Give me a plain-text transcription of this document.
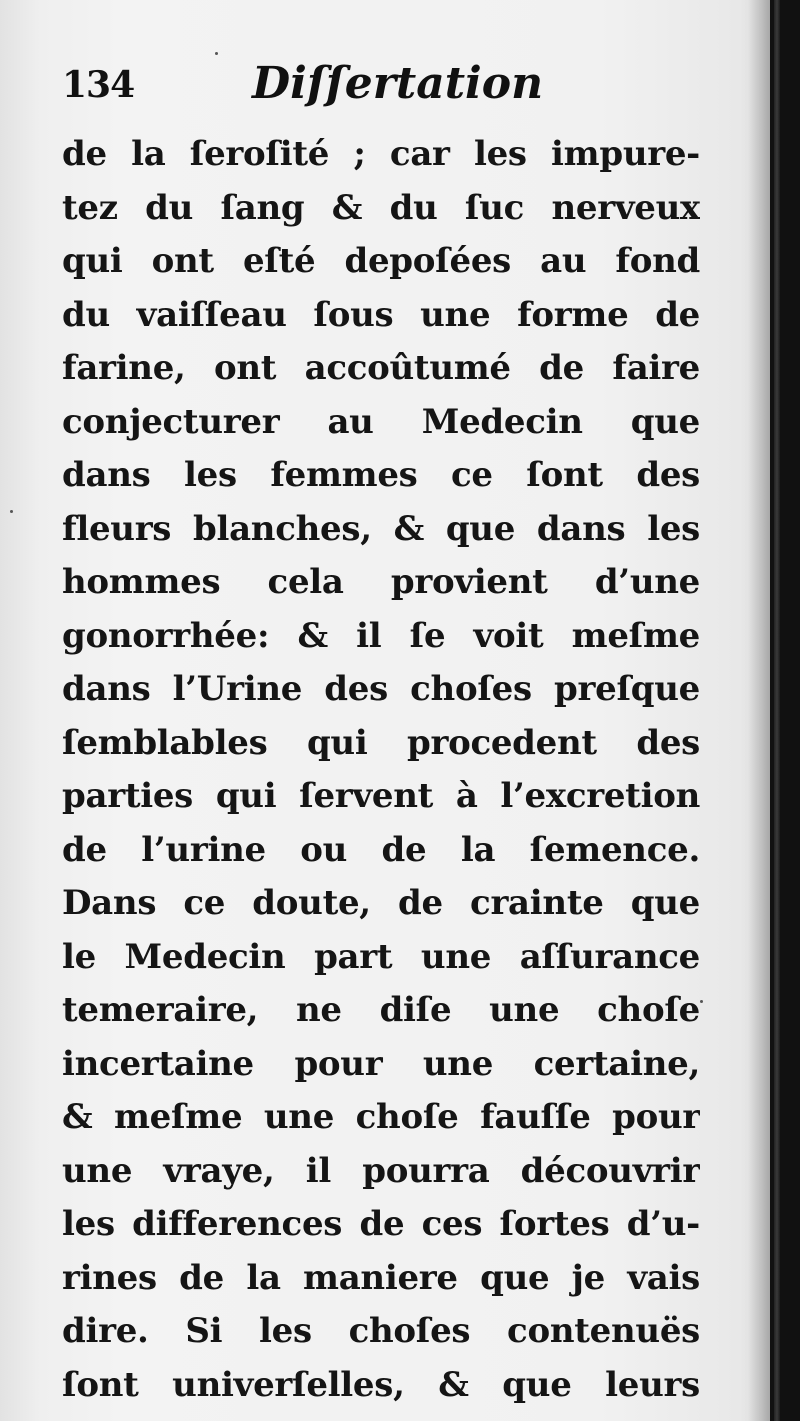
134	Diſſertation
de la ſeroſité ; car les impure-
tez du ſang & du ſuc nerveux
qui ont eſté depoſées au fond
du vaiſſeau ſous une forme de
farine, ont accoûtumé de faire
conjecturer au Medecin que
dans les femmes ce ſont des
fleurs blanches, & que dans les
hommes cela provient d’une
gonorrhée: & il ſe voit meſme
dans l’Urine des choſes preſque
ſemblables qui procedent des
parties qui ſervent à l’excretion
de l’urine ou de la ſemence.
Dans ce doute, de crainte que
le Medecin part une aſſurance
temeraire, ne diſe une choſe
incertaine pour une certaine,
& meſme une choſe fauſſe pour
une vraye, il pourra découvrir
les differences de ces ſortes d’u-
rines de la maniere que je vais
dire. Si les choſes contenuës
ſont univerſelles, & que leurs
